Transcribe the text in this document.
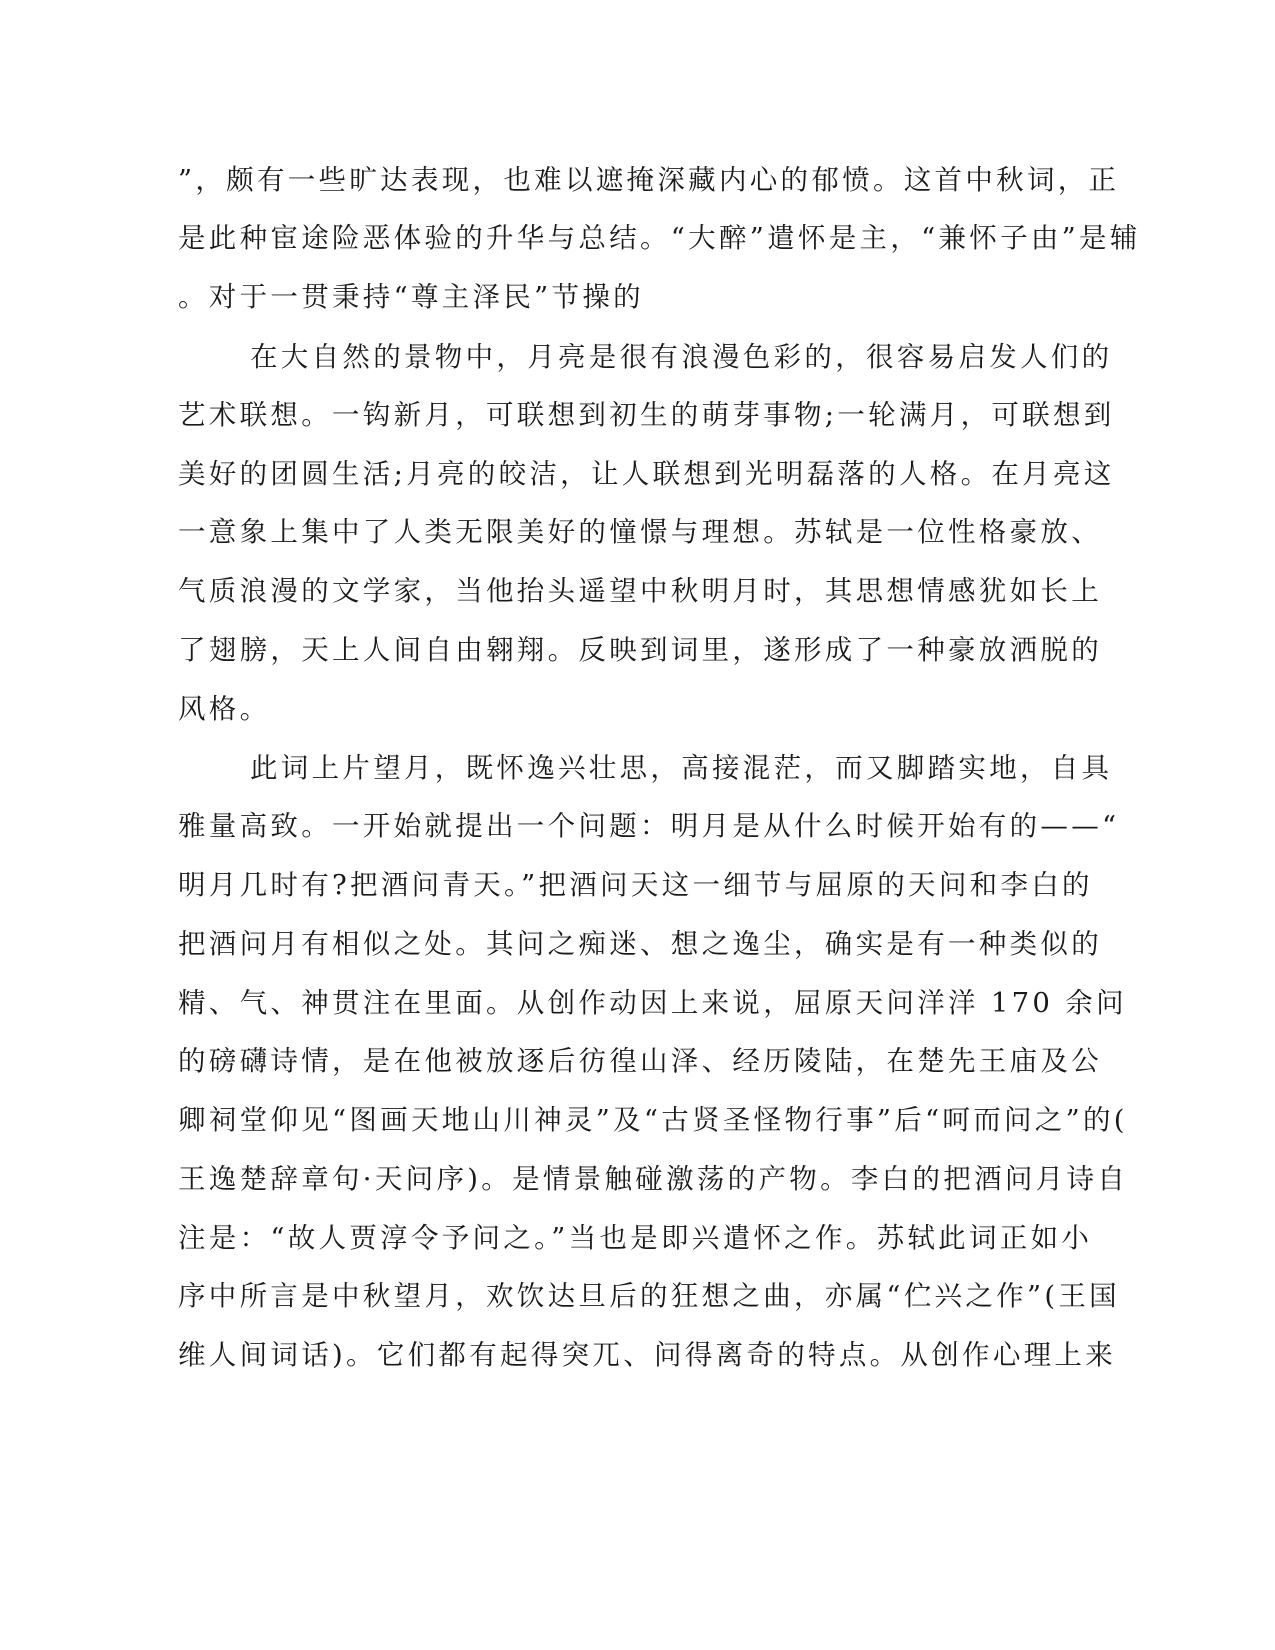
”，颇有一些旷达表现，也难以遮掩深藏内心的郁愤。这首中秋词，正
是此种宦途险恶体验的升华与总结。“大醉”遣怀是主，“兼怀子由”是辅
。对于一贯秉持“尊主泽民”节操的
在大自然的景物中，月亮是很有浪漫色彩的，很容易启发人们的
艺术联想。一钩新月，可联想到初生的萌芽事物;一轮满月，可联想到
美好的团圆生活;月亮的皎洁，让人联想到光明磊落的人格。在月亮这
一意象上集中了人类无限美好的憧憬与理想。苏轼是一位性格豪放、
气质浪漫的文学家，当他抬头遥望中秋明月时，其思想情感犹如长上
了翅膀，天上人间自由翱翔。反映到词里，遂形成了一种豪放洒脱的
风格。
此词上片望月，既怀逸兴壮思，高接混茫，而又脚踏实地，自具
雅量高致。一开始就提出一个问题：明月是从什么时候开始有的——“
明月几时有?把酒问青天。”把酒问天这一细节与屈原的天问和李白的
把酒问月有相似之处。其问之痴迷、想之逸尘，确实是有一种类似的
精、气、神贯注在里面。从创作动因上来说，屈原天问洋洋 170 余问
的磅礴诗情，是在他被放逐后彷徨山泽、经历陵陆，在楚先王庙及公
卿祠堂仰见“图画天地山川神灵”及“古贤圣怪物行事”后“呵而问之”的(
王逸楚辞章句·天问序)。是情景触碰激荡的产物。李白的把酒问月诗自
注是：“故人贾淳令予问之。”当也是即兴遣怀之作。苏轼此词正如小
序中所言是中秋望月，欢饮达旦后的狂想之曲，亦属“伫兴之作”(王国
维人间词话)。它们都有起得突兀、问得离奇的特点。从创作心理上来
